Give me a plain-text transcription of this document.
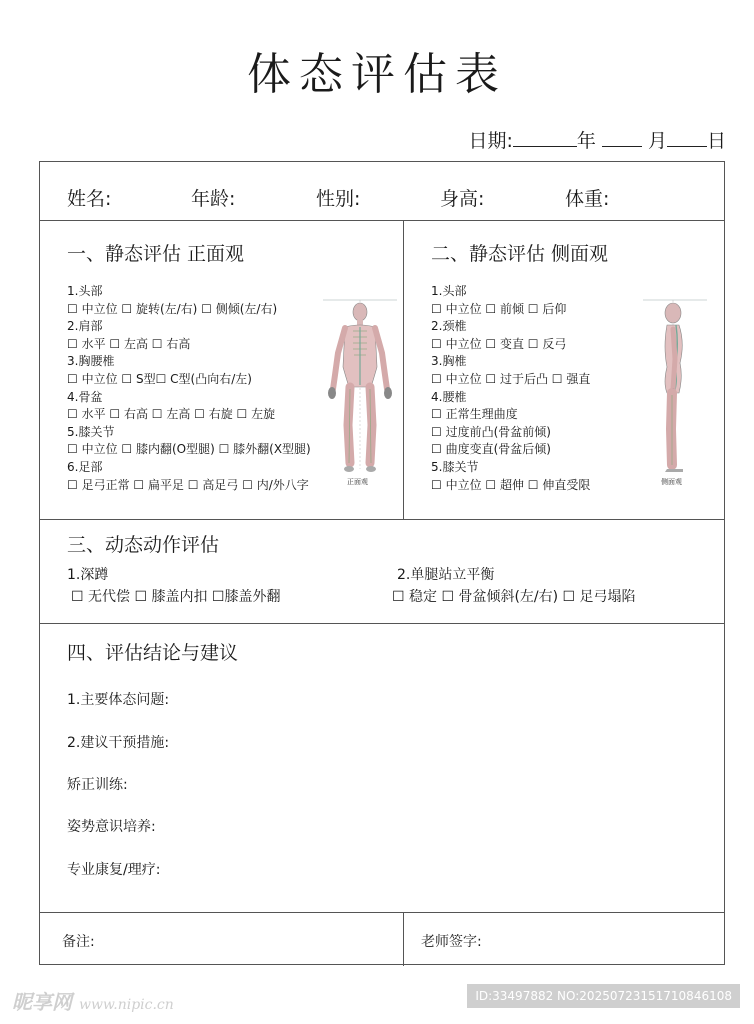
体态评估表
日期:	年	月 日
姓名:	年龄:	性别:	身高:	体重:
一、静态评估 正面观
1.头部
☐ 中立位 ☐ 旋转(左/右) ☐ 侧倾(左/右)
2.肩部
☐ 水平 ☐ 左高 ☐ 右高
3.胸腰椎
☐ 中立位 ☐ S型☐ C型(凸向右/左)
4.骨盆
☐ 水平 ☐ 右高 ☐ 左高 ☐ 右旋 ☐ 左旋
5.膝关节
☐ 中立位 ☐ 膝内翻(O型腿) ☐ 膝外翻(X型腿)
6.足部
☐ 足弓正常 ☐ 扁平足 ☐ 高足弓 ☐ 内/外八字	正面观
二、静态评估 侧面观
1.头部
☐ 中立位 ☐ 前倾 ☐ 后仰
2.颈椎
☐ 中立位 ☐ 变直 ☐ 反弓
3.胸椎
☐ 中立位 ☐ 过于后凸 ☐ 强直
4.腰椎
☐ 正常生理曲度
☐ 过度前凸(骨盆前倾)
☐ 曲度变直(骨盆后倾)
5.膝关节
☐ 中立位 ☐ 超伸 ☐ 伸直受限	侧面观
三、动态动作评估
1.深蹲
☐ 无代偿 ☐ 膝盖内扣 ☐膝盖外翻
2.单腿站立平衡
☐ 稳定 ☐ 骨盆倾斜(左/右) ☐ 足弓塌陷
四、评估结论与建议
1.主要体态问题:
2.建议干预措施:
矫正训练:
姿势意识培养:
专业康复/理疗:
备注:	老师签字:
昵享网 www.nipic.cn
ID:33497882 NO:20250723151710846108
